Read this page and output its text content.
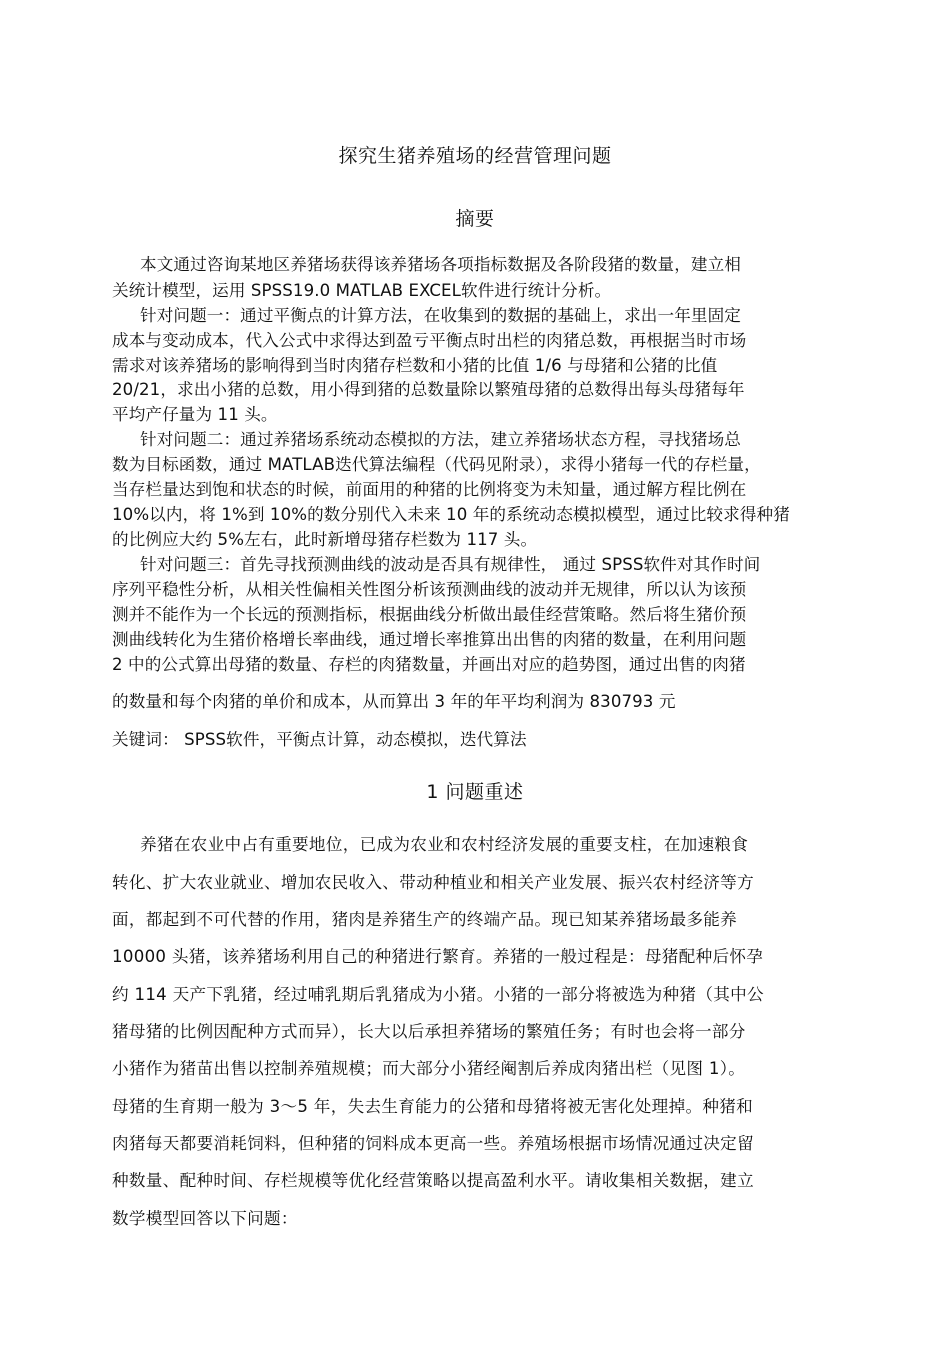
探究生猪养殖场的经营管理问题
摘要
本文通过咨询某地区养猪场获得该养猪场各项指标数据及各阶段猪的数量，建立相
关统计模型，运用 SPSS19.0 MATLAB EXCEL软件进行统计分析。
针对问题一：通过平衡点的计算方法，在收集到的数据的基础上，求出一年里固定
成本与变动成本，代入公式中求得达到盈亏平衡点时出栏的肉猪总数，再根据当时市场
需求对该养猪场的影响得到当时肉猪存栏数和小猪的比值 1/6 与母猪和公猪的比值
20/21，求出小猪的总数，用小得到猪的总数量除以繁殖母猪的总数得出每头母猪每年
平均产仔量为 11 头。
针对问题二：通过养猪场系统动态模拟的方法，建立养猪场状态方程，寻找猪场总
数为目标函数，通过 MATLAB迭代算法编程（代码见附录），求得小猪每一代的存栏量，
当存栏量达到饱和状态的时候，前面用的种猪的比例将变为未知量，通过解方程比例在
10%以内，将 1%到 10%的数分别代入未来 10 年的系统动态模拟模型，通过比较求得种猪
的比例应大约 5%左右，此时新增母猪存栏数为 117 头。
针对问题三：首先寻找预测曲线的波动是否具有规律性， 通过 SPSS软件对其作时间
序列平稳性分析，从相关性偏相关性图分析该预测曲线的波动并无规律，所以认为该预
测并不能作为一个长远的预测指标，根据曲线分析做出最佳经营策略。然后将生猪价预
测曲线转化为生猪价格增长率曲线，通过增长率推算出出售的肉猪的数量，在利用问题
2 中的公式算出母猪的数量、存栏的肉猪数量，并画出对应的趋势图，通过出售的肉猪
的数量和每个肉猪的单价和成本，从而算出 3 年的年平均利润为 830793 元
关键词： SPSS软件，平衡点计算，动态模拟，迭代算法
1 问题重述
养猪在农业中占有重要地位，已成为农业和农村经济发展的重要支柱，在加速粮食
转化、扩大农业就业、增加农民收入、带动种植业和相关产业发展、振兴农村经济等方
面，都起到不可代替的作用，猪肉是养猪生产的终端产品。现已知某养猪场最多能养
10000 头猪，该养猪场利用自己的种猪进行繁育。养猪的一般过程是：母猪配种后怀孕
约 114 天产下乳猪，经过哺乳期后乳猪成为小猪。小猪的一部分将被选为种猪（其中公
猪母猪的比例因配种方式而异），长大以后承担养猪场的繁殖任务；有时也会将一部分
小猪作为猪苗出售以控制养殖规模；而大部分小猪经阉割后养成肉猪出栏（见图 1）。
母猪的生育期一般为 3～5 年，失去生育能力的公猪和母猪将被无害化处理掉。种猪和
肉猪每天都要消耗饲料，但种猪的饲料成本更高一些。养殖场根据市场情况通过决定留
种数量、配种时间、存栏规模等优化经营策略以提高盈利水平。请收集相关数据，建立
数学模型回答以下问题：
